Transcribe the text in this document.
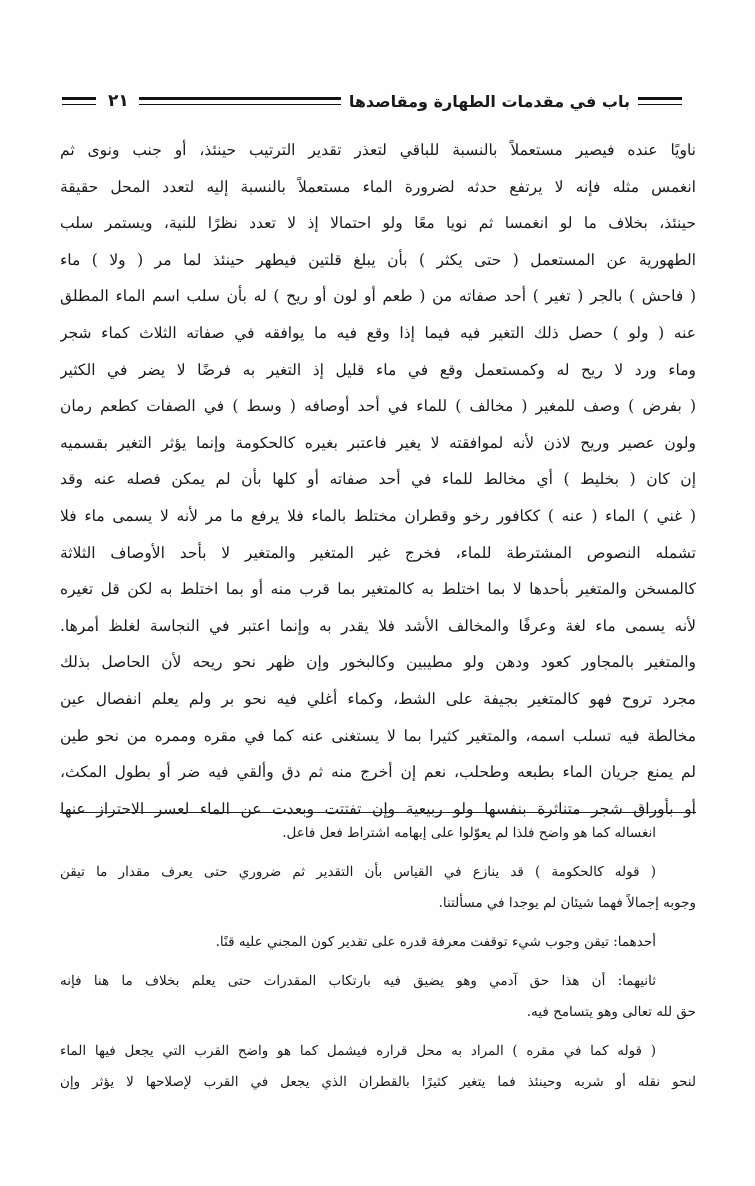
٢١	باب في مقدمات الطهارة ومقاصدها
ناويًا عنده فيصير مستعملاً بالنسبة للباقي لتعذر تقدير الترتيب حينئذ، أو جنب ونوى ثم
انغمس مثله فإنه لا يرتفع حدثه لضرورة الماء مستعملاً بالنسبة إليه لتعدد المحل حقيقة
حينئذ، بخلاف ما لو انغمسا ثم نويا معًا ولو احتمالا إذ لا تعدد نظرًا للنية، ويستمر سلب
الطهورية عن المستعمل ( حتى يكثر ) بأن يبلغ قلتين فيطهر حينئذ لما مر ( ولا ) ماء
( فاحش ) بالجر ( تغير ) أحد صفاته من ( طعم أو لون أو ريح ) له بأن سلب اسم الماء المطلق
عنه ( ولو ) حصل ذلك التغير فيه فيما إذا وقع فيه ما يوافقه في صفاته الثلاث كماء شجر
وماء ورد لا ريح له وكمستعمل وقع في ماء قليل إذ التغير به فرضًا لا يضر في الكثير
( بفرض ) وصف للمغير ( مخالف ) للماء في أحد أوصافه ( وسط ) في الصفات كطعم رمان
ولون عصير وريح لاذن لأنه لموافقته لا يغير فاعتبر بغيره كالحكومة وإنما يؤثر التغير بقسميه
إن كان ( بخليط ) أي مخالط للماء في أحد صفاته أو كلها بأن لم يمكن فصله عنه وقد
( غني ) الماء ( عنه ) ككافور رخو وقطران مختلط بالماء فلا يرفع ما مر لأنه لا يسمى ماء فلا
تشمله النصوص المشترطة للماء، فخرج غير المتغير والمتغير لا بأحد الأوصاف الثلاثة
كالمسخن والمتغير بأحدها لا بما اختلط به كالمتغير بما قرب منه أو بما اختلط به لكن قل تغيره
لأنه يسمى ماء لغة وعرفًا والمخالف الأشد فلا يقدر به وإنما اعتبر في النجاسة لغلظ أمرها.
والمتغير بالمجاور كعود ودهن ولو مطيبين وكالبخور وإن ظهر نحو ريحه لأن الحاصل بذلك
مجرد تروح فهو كالمتغير بجيفة على الشط، وكماء أغلي فيه نحو بر ولم يعلم انفصال عين
مخالطة فيه تسلب اسمه، والمتغير كثيرا بما لا يستغنى عنه كما في مقره وممره من نحو طين
لم يمنع جريان الماء بطبعه وطحلب، نعم إن أخرج منه ثم دق وألقي فيه ضر أو بطول المكث،
أو بأوراق شجر متناثرة بنفسها ولو ربيعية وإن تفتتت وبعدت عن الماء لعسر الاحتراز عنها
انغساله كما هو واضح فلذا لم يعوّلوا على إبهامه اشتراط فعل فاعل.
( قوله كالحكومة ) قد ينازع في القياس بأن التقدير ثم ضروري حتى يعرف مقدار ما تيقن
وجوبه إجمالاً فهما شيئان لم يوجدا في مسألتنا.
أحدهما: تيقن وجوب شيء توقفت معرفة قدره على تقدير كون المجني عليه قنًا.
ثانيهما: أن هذا حق آدمي وهو يضيق فيه بارتكاب المقدرات حتى يعلم بخلاف ما هنا فإنه
حق لله تعالى وهو يتسامح فيه.
( قوله كما في مقره ) المراد به محل قراره فيشمل كما هو واضح القرب التي يجعل فيها الماء
لنحو نقله أو شربه وحينئذ فما يتغير كثيرًا بالقطران الذي يجعل في القرب لإصلاحها لا يؤثر وإن
